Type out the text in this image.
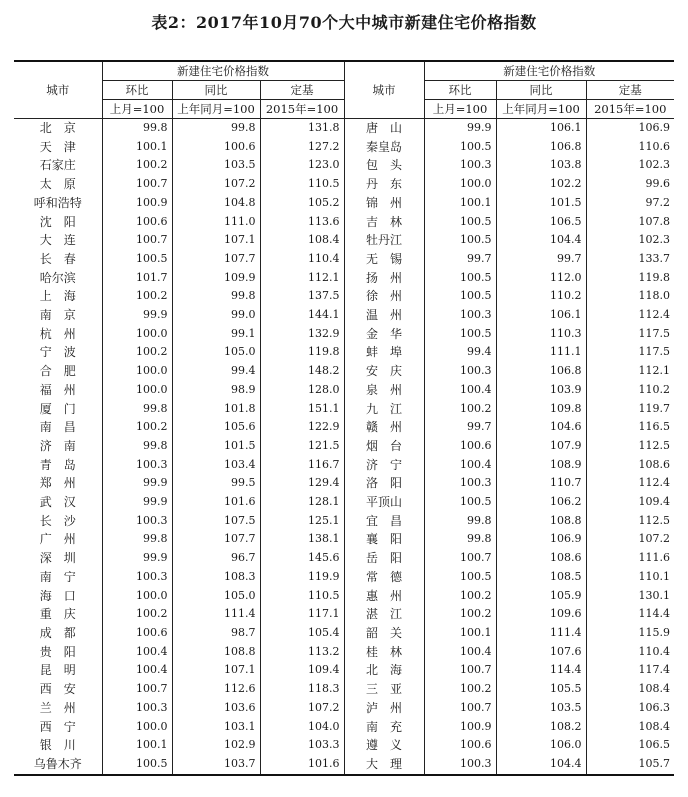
表2：2017年10月70个大中城市新建住宅价格指数
城市	新建住宅价格指数			城市	新建住宅价格指数		
	环比	同比	定基		环比	同比	定基
	上月=100	上年同月=100	2015年=100		上月=100	上年同月=100	2015年=100
北　京	99.8	99.8	131.8	唐　山	99.9	106.1	106.9
天　津	100.1	100.6	127.2	秦皇岛	100.5	106.8	110.6
石家庄	100.2	103.5	123.0	包　头	100.3	103.8	102.3
太　原	100.7	107.2	110.5	丹　东	100.0	102.2	99.6
呼和浩特	100.9	104.8	105.2	锦　州	100.1	101.5	97.2
沈　阳	100.6	111.0	113.6	吉　林	100.5	106.5	107.8
大　连	100.7	107.1	108.4	牡丹江	100.5	104.4	102.3
长　春	100.5	107.7	110.4	无　锡	99.7	99.7	133.7
哈尔滨	101.7	109.9	112.1	扬　州	100.5	112.0	119.8
上　海	100.2	99.8	137.5	徐　州	100.5	110.2	118.0
南　京	99.9	99.0	144.1	温　州	100.3	106.1	112.4
杭　州	100.0	99.1	132.9	金　华	100.5	110.3	117.5
宁　波	100.2	105.0	119.8	蚌　埠	99.4	111.1	117.5
合　肥	100.0	99.4	148.2	安　庆	100.3	106.8	112.1
福　州	100.0	98.9	128.0	泉　州	100.4	103.9	110.2
厦　门	99.8	101.8	151.1	九　江	100.2	109.8	119.7
南　昌	100.2	105.6	122.9	赣　州	99.7	104.6	116.5
济　南	99.8	101.5	121.5	烟　台	100.6	107.9	112.5
青　岛	100.3	103.4	116.7	济　宁	100.4	108.9	108.6
郑　州	99.9	99.5	129.4	洛　阳	100.3	110.7	112.4
武　汉	99.9	101.6	128.1	平顶山	100.5	106.2	109.4
长　沙	100.3	107.5	125.1	宜　昌	99.8	108.8	112.5
广　州	99.8	107.7	138.1	襄　阳	99.8	106.9	107.2
深　圳	99.9	96.7	145.6	岳　阳	100.7	108.6	111.6
南　宁	100.3	108.3	119.9	常　德	100.5	108.5	110.1
海　口	100.0	105.0	110.5	惠　州	100.2	105.9	130.1
重　庆	100.2	111.4	117.1	湛　江	100.2	109.6	114.4
成　都	100.6	98.7	105.4	韶　关	100.1	111.4	115.9
贵　阳	100.4	108.8	113.2	桂　林	100.4	107.6	110.4
昆　明	100.4	107.1	109.4	北　海	100.7	114.4	117.4
西　安	100.7	112.6	118.3	三　亚	100.2	105.5	108.4
兰　州	100.3	103.6	107.2	泸　州	100.7	103.5	106.3
西　宁	100.0	103.1	104.0	南　充	100.9	108.2	108.4
银　川	100.1	102.9	103.3	遵　义	100.6	106.0	106.5
乌鲁木齐	100.5	103.7	101.6	大　理	100.3	104.4	105.7
